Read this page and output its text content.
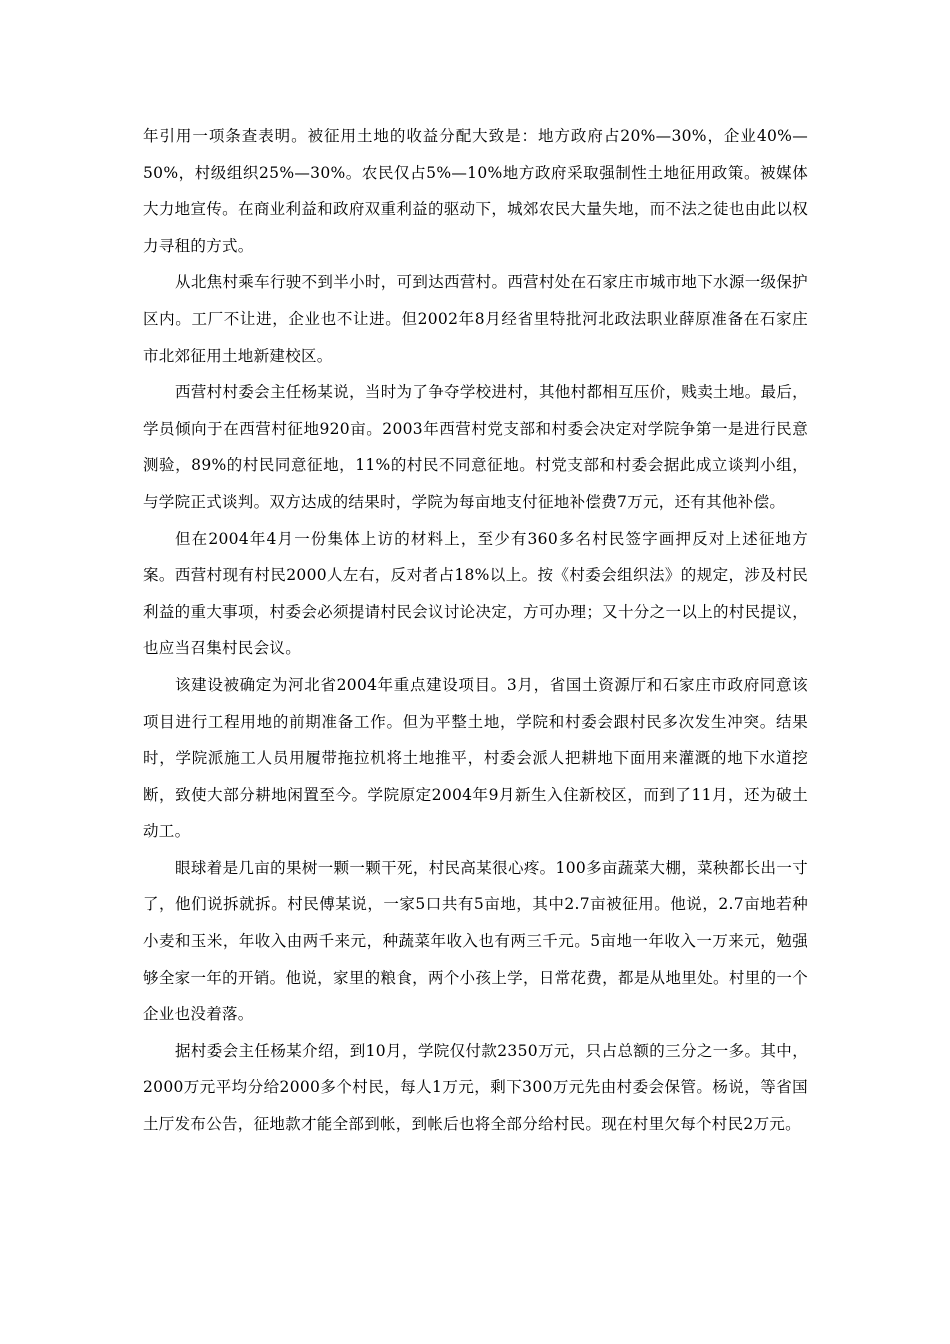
年引用一项条查表明。被征用土地的收益分配大致是：地方政府占20%—30%，企业40%—50%，村级组织25%—30%。农民仅占5%—10%地方政府采取强制性土地征用政策。被媒体大力地宣传。在商业利益和政府双重利益的驱动下，城郊农民大量失地，而不法之徒也由此以权力寻租的方式。

从北焦村乘车行驶不到半小时，可到达西营村。西营村处在石家庄市城市地下水源一级保护区内。工厂不让进，企业也不让进。但2002年8月经省里特批河北政法职业薛原准备在石家庄市北郊征用土地新建校区。

西营村村委会主任杨某说，当时为了争夺学校进村，其他村都相互压价，贱卖土地。最后，学员倾向于在西营村征地920亩。2003年西营村党支部和村委会决定对学院争第一是进行民意测验，89%的村民同意征地，11%的村民不同意征地。村党支部和村委会据此成立谈判小组，与学院正式谈判。双方达成的结果时，学院为每亩地支付征地补偿费7万元，还有其他补偿。

但在2004年4月一份集体上访的材料上，至少有360多名村民签字画押反对上述征地方案。西营村现有村民2000人左右，反对者占18%以上。按《村委会组织法》的规定，涉及村民利益的重大事项，村委会必须提请村民会议讨论决定，方可办理；又十分之一以上的村民提议，也应当召集村民会议。

该建设被确定为河北省2004年重点建设项目。3月，省国土资源厅和石家庄市政府同意该项目进行工程用地的前期准备工作。但为平整土地，学院和村委会跟村民多次发生冲突。结果时，学院派施工人员用履带拖拉机将土地推平，村委会派人把耕地下面用来灌溉的地下水道挖断，致使大部分耕地闲置至今。学院原定2004年9月新生入住新校区，而到了11月，还为破土动工。

眼球着是几亩的果树一颗一颗干死，村民高某很心疼。100多亩蔬菜大棚，菜秧都长出一寸了，他们说拆就拆。村民傅某说，一家5口共有5亩地，其中2.7亩被征用。他说，2.7亩地若种小麦和玉米，年收入由两千来元，种蔬菜年收入也有两三千元。5亩地一年收入一万来元，勉强够全家一年的开销。他说，家里的粮食，两个小孩上学，日常花费，都是从地里处。村里的一个企业也没着落。

据村委会主任杨某介绍，到10月，学院仅付款2350万元，只占总额的三分之一多。其中，2000万元平均分给2000多个村民，每人1万元，剩下300万元先由村委会保管。杨说，等省国土厅发布公告，征地款才能全部到帐，到帐后也将全部分给村民。现在村里欠每个村民2万元。
